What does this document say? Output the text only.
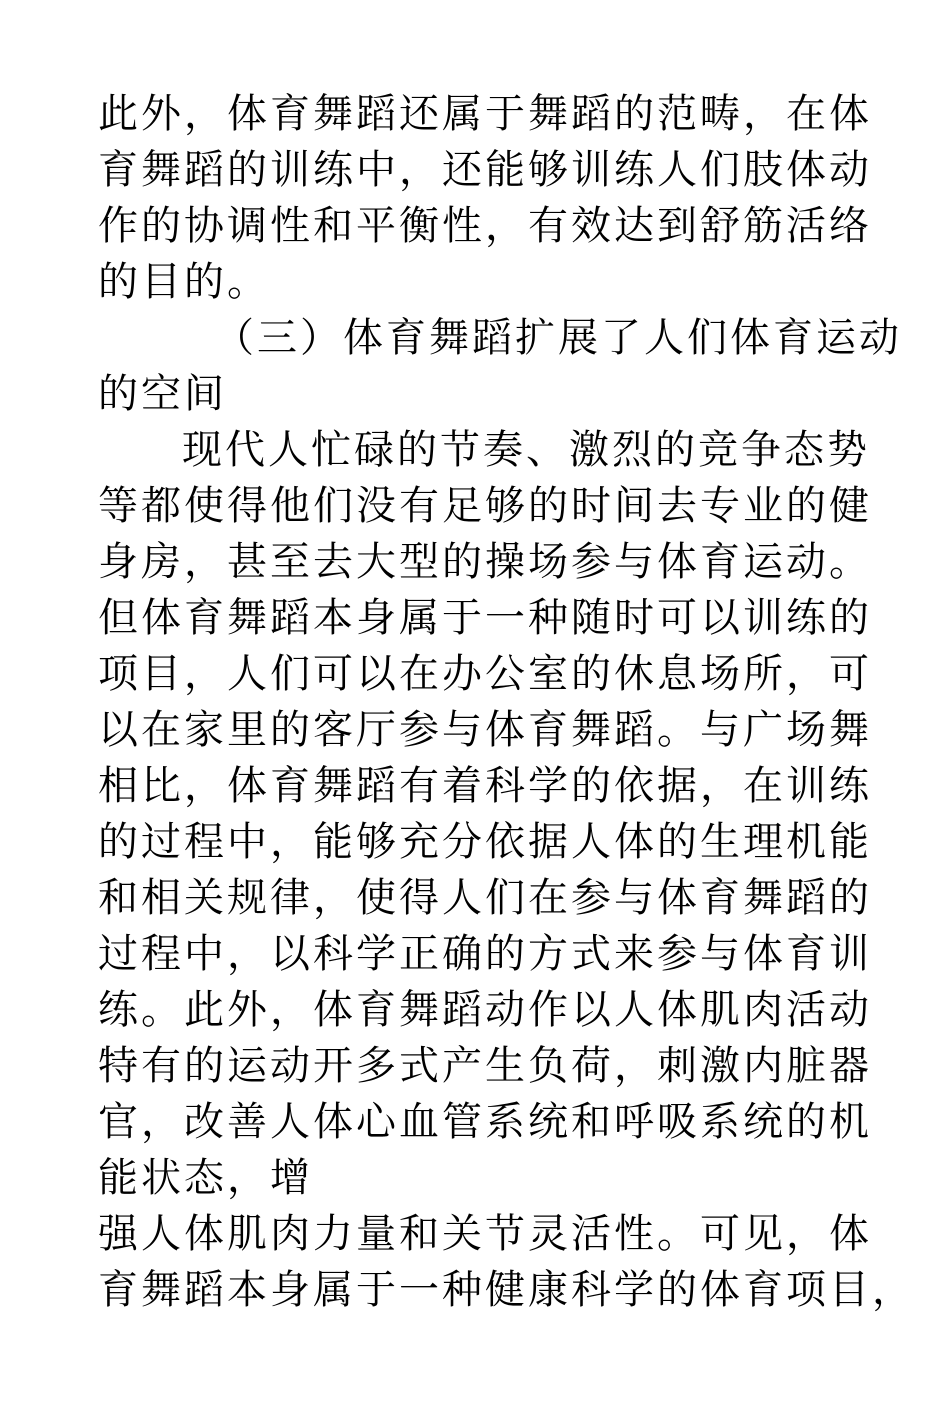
此外，体育舞蹈还属于舞蹈的范畴，在体
育舞蹈的训练中，还能够训练人们肢体动
作的协调性和平衡性，有效达到舒筋活络
的目的。
（三）体育舞蹈扩展了人们体育运动
的空间
现代人忙碌的节奏、激烈的竞争态势
等都使得他们没有足够的时间去专业的健
身房，甚至去大型的操场参与体育运动。
但体育舞蹈本身属于一种随时可以训练的
项目，人们可以在办公室的休息场所，可
以在家里的客厅参与体育舞蹈。与广场舞
相比，体育舞蹈有着科学的依据，在训练
的过程中，能够充分依据人体的生理机能
和相关规律，使得人们在参与体育舞蹈的
过程中，以科学正确的方式来参与体育训
练。此外，体育舞蹈动作以人体肌肉活动
特有的运动开多式产生负荷，刺激内脏器
官，改善人体心血管系统和呼吸系统的机
能状态，增
强人体肌肉力量和关节灵活性。可见，体
育舞蹈本身属于一种健康科学的体育项目，
